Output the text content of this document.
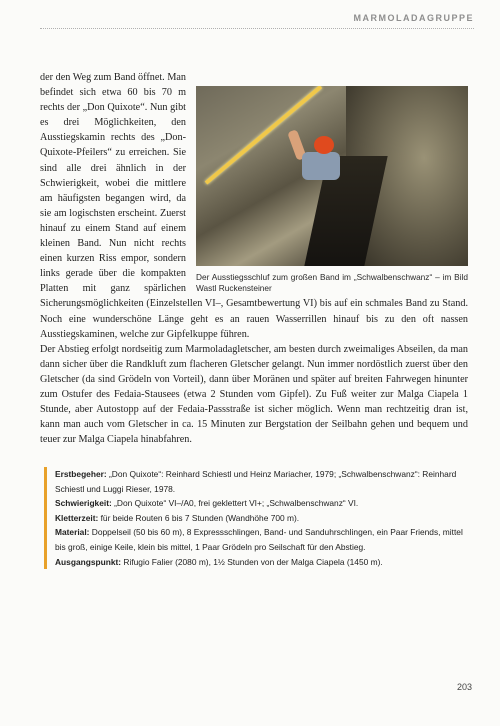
MARMOLADAGRUPPE
Der Ausstiegsschluf zum großen Band im „Schwalbenschwanz“ – im Bild Wastl Ruckensteiner

der den Weg zum Band öffnet. Man befindet sich etwa 60 bis 70 m rechts der „Don Quixote“. Nun gibt es drei Möglichkeiten, den Ausstiegskamin rechts des „Don-Quixote-Pfeilers“ zu erreichen. Sie sind alle drei ähnlich in der Schwierigkeit, wobei die mittlere am häufigsten begangen wird, da sie am logischsten erscheint. Zuerst hinauf zu einem Stand auf einem kleinen Band. Nun nicht rechts einen kurzen Riss empor, sondern links gerade über die kompakten Platten mit ganz spärlichen Sicherungsmöglichkeiten (Einzelstellen VI–, Gesamtbewertung VI) bis auf ein schmales Band zu Stand. Noch eine wunderschöne Länge geht es an rauen Wasserrillen hinauf bis zu den oft nassen Ausstiegskaminen, welche zur Gipfelkuppe führen.

Der Abstieg erfolgt nordseitig zum Marmoladagletscher, am besten durch zweimaliges Abseilen, da man dann sicher über die Randkluft zum flacheren Gletscher gelangt. Nun immer nordöstlich zuerst über den Gletscher (da sind Grödeln von Vorteil), dann über Moränen und später auf breiten Fahrwegen hinunter zum Ostufer des Fedaia-Stausees (etwa 2 Stunden vom Gipfel). Zu Fuß weiter zur Malga Ciapela 1 Stunde, aber Autostopp auf der Fedaia-Passstraße ist sicher möglich. Wenn man rechtzeitig dran ist, kann man auch vom Gletscher in ca. 15 Minuten zur Bergstation der Seilbahn gehen und bequem und teuer zur Malga Ciapela hinabfahren.

Erstbegeher: „Don Quixote“: Reinhard Schiestl und Heinz Mariacher, 1979; „Schwalbenschwanz“: Reinhard Schiestl und Luggi Rieser, 1978.

Schwierigkeit: „Don Quixote“ VI–/A0, frei geklettert VI+; „Schwalbenschwanz“ VI.

Kletterzeit: für beide Routen 6 bis 7 Stunden (Wandhöhe 700 m).

Material: Doppelseil (50 bis 60 m), 8 Expressschlingen, Band- und Sanduhrschlingen, ein Paar Friends, mittel bis groß, einige Keile, klein bis mittel, 1 Paar Grödeln pro Seilschaft für den Abstieg.

Ausgangspunkt: Rifugio Falier (2080 m), 1½ Stunden von der Malga Ciapela (1450 m).

203
